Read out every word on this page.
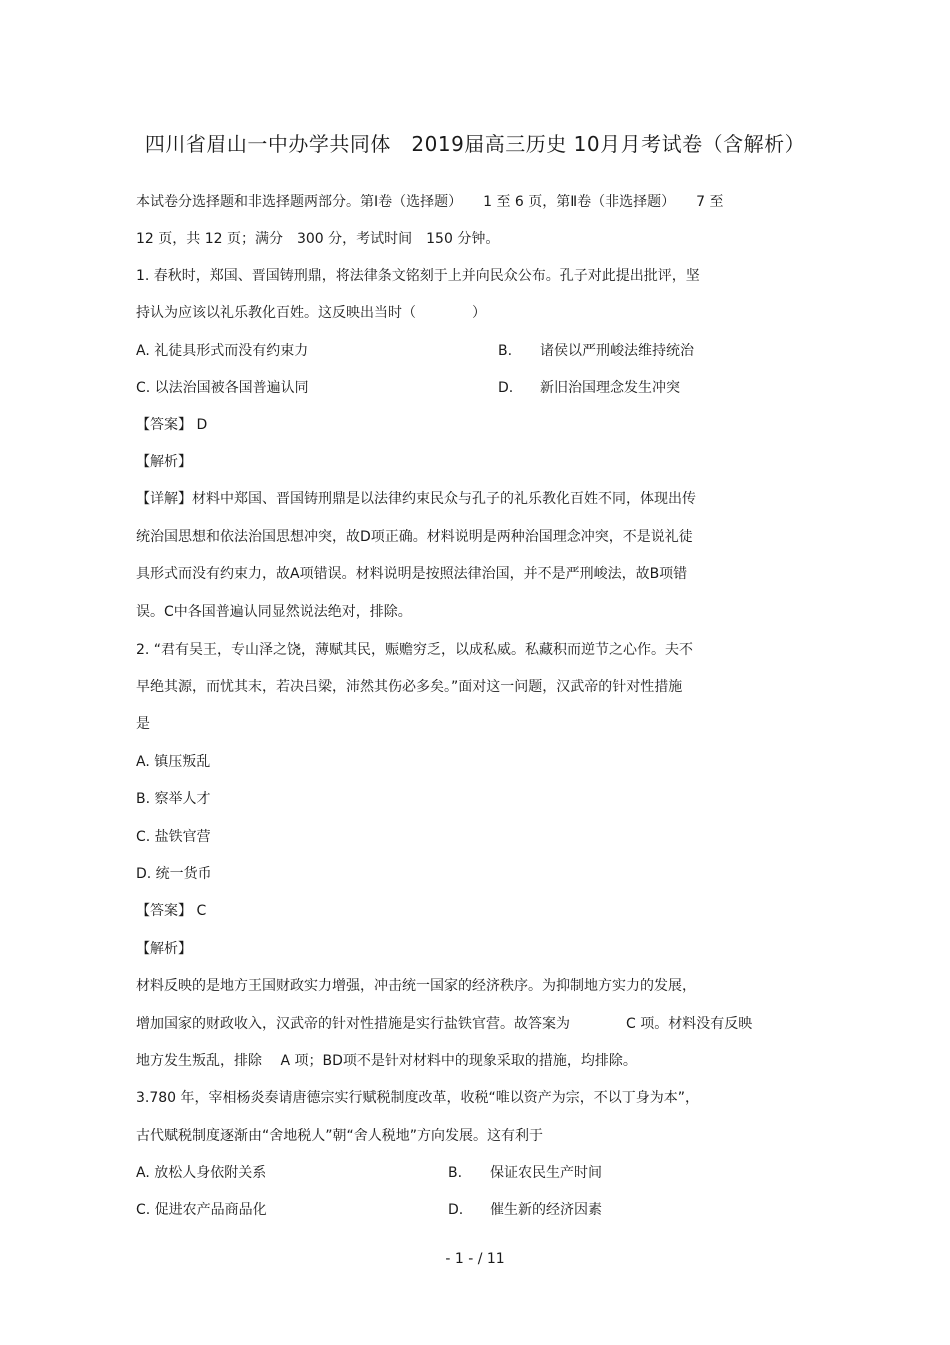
四川省眉山一中办学共同体　2019届高三历史 10月月考试卷（含解析）
本试卷分选择题和非选择题两部分。第Ⅰ卷（选择题）　　1 至 6 页，第Ⅱ卷（非选择题）　　7 至
12 页，共 12 页；满分　300 分，考试时间　150 分钟。
1. 春秋时，郑国、晋国铸刑鼎，将法律条文铭刻于上并向民众公布。孔子对此提出批评，坚
持认为应该以礼乐教化百姓。这反映出当时（　　　　）
A. 礼徒具形式而没有约束力	B. 诸侯以严刑峻法维持统治
C. 以法治国被各国普遍认同	D. 新旧治国理念发生冲突
【答案】 D
【解析】
【详解】材料中郑国、晋国铸刑鼎是以法律约束民众与孔子的礼乐教化百姓不同，体现出传
统治国思想和依法治国思想冲突，故D项正确。材料说明是两种治国理念冲突，不是说礼徒
具形式而没有约束力，故A项错误。材料说明是按照法律治国，并不是严刑峻法，故B项错
误。C中各国普遍认同显然说法绝对，排除。
2. “君有吴王，专山泽之饶，薄赋其民，赈赡穷乏，以成私威。私藏积而逆节之心作。夫不
早绝其源，而忧其末，若决吕梁，沛然其伤必多矣。”面对这一问题，汉武帝的针对性措施
是
A. 镇压叛乱
B. 察举人才
C. 盐铁官营
D. 统一货币
【答案】 C
【解析】
材料反映的是地方王国财政实力增强，冲击统一国家的经济秩序。为抑制地方实力的发展，
增加国家的财政收入，汉武帝的针对性措施是实行盐铁官营。故答案为　　　　C 项。材料没有反映
地方发生叛乱，排除　 A 项；BD项不是针对材料中的现象采取的措施，均排除。
3.780 年，宰相杨炎奏请唐德宗实行赋税制度改革，收税“唯以资产为宗，不以丁身为本”，
古代赋税制度逐渐由“舍地税人”朝“舍人税地”方向发展。这有利于
A. 放松人身依附关系	B. 保证农民生产时间
C. 促进农产品商品化	D. 催生新的经济因素
- 1 - / 11
